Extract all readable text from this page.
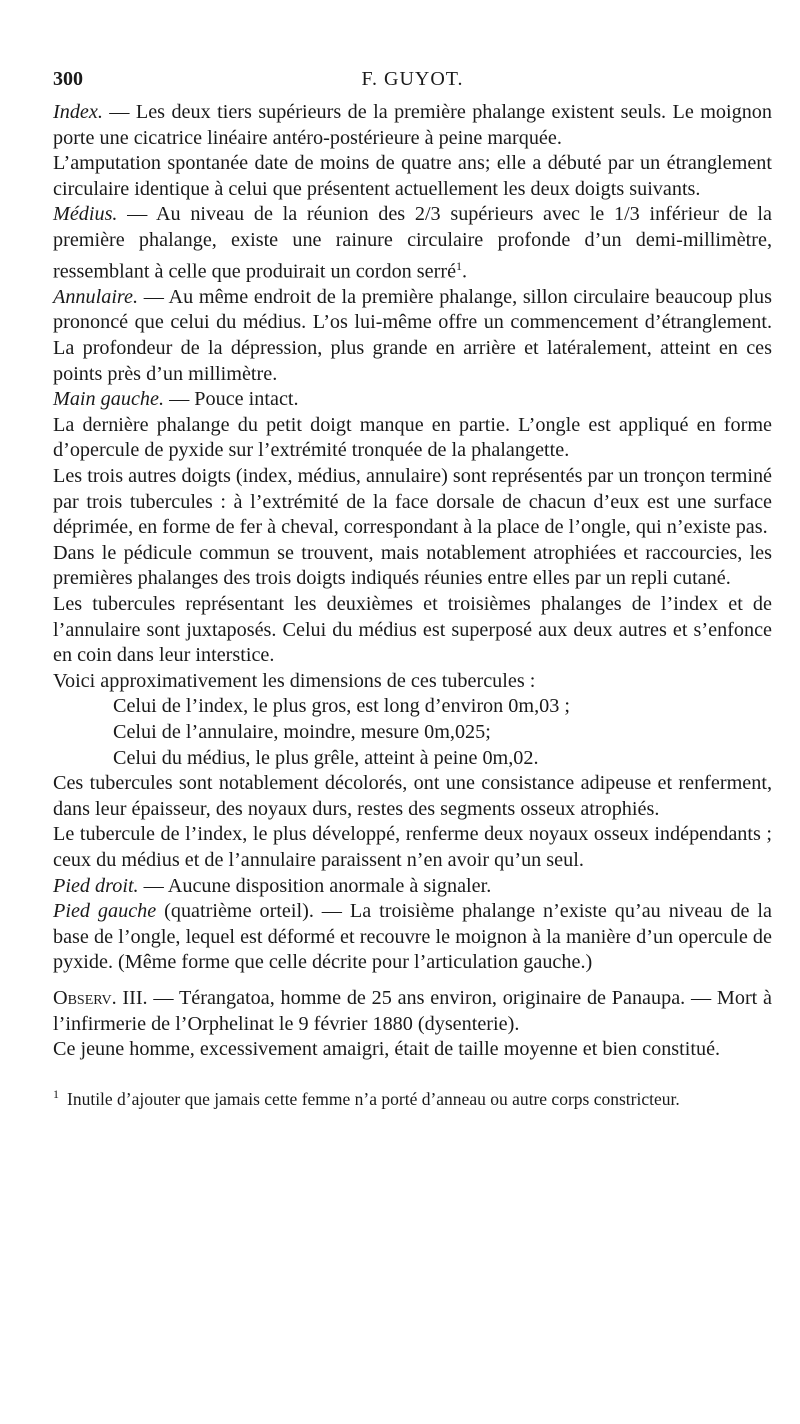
300	F. GUYOT.

Index. — Les deux tiers supérieurs de la première phalange existent seuls. Le moignon porte une cicatrice linéaire antéro-postérieure à peine marquée.

L’amputation spontanée date de moins de quatre ans; elle a débuté par un étranglement circulaire identique à celui que présentent actuellement les deux doigts suivants.

Médius. — Au niveau de la réunion des 2/3 supérieurs avec le 1/3 inférieur de la première phalange, existe une rainure circulaire profonde d’un demi-millimètre, ressemblant à celle que produirait un cordon serré$^1$.

Annulaire. — Au même endroit de la première phalange, sillon circulaire beaucoup plus prononcé que celui du médius. L’os lui-même offre un commencement d’étranglement. La profondeur de la dépression, plus grande en arrière et latéralement, atteint en ces points près d’un millimètre.

Main gauche. — Pouce intact.

La dernière phalange du petit doigt manque en partie. L’ongle est appliqué en forme d’opercule de pyxide sur l’extrémité tronquée de la phalangette.

Les trois autres doigts (index, médius, annulaire) sont représentés par un tronçon terminé par trois tubercules : à l’extrémité de la face dorsale de chacun d’eux est une surface déprimée, en forme de fer à cheval, correspondant à la place de l’ongle, qui n’existe pas.

Dans le pédicule commun se trouvent, mais notablement atrophiées et raccourcies, les premières phalanges des trois doigts indiqués réunies entre elles par un repli cutané.

Les tubercules représentant les deuxièmes et troisièmes phalanges de l’index et de l’annulaire sont juxtaposés. Celui du médius est superposé aux deux autres et s’enfonce en coin dans leur interstice.

Voici approximativement les dimensions de ces tubercules :

Celui de l’index, le plus gros, est long d’environ 0m,03 ;

Celui de l’annulaire, moindre, mesure 0m,025;

Celui du médius, le plus grêle, atteint à peine 0m,02.

Ces tubercules sont notablement décolorés, ont une consistance adipeuse et renferment, dans leur épaisseur, des noyaux durs, restes des segments osseux atrophiés.

Le tubercule de l’index, le plus développé, renferme deux noyaux osseux indépendants ; ceux du médius et de l’annulaire paraissent n’en avoir qu’un seul.

Pied droit. — Aucune disposition anormale à signaler.

Pied gauche (quatrième orteil). — La troisième phalange n’existe qu’au niveau de la base de l’ongle, lequel est déformé et recouvre le moignon à la manière d’un opercule de pyxide. (Même forme que celle décrite pour l’articulation gauche.)

Observ. III. — Térangatoa, homme de 25 ans environ, originaire de Panaupa. — Mort à l’infirmerie de l’Orphelinat le 9 février 1880 (dysenterie).

Ce jeune homme, excessivement amaigri, était de taille moyenne et bien constitué.

$^1$ Inutile d’ajouter que jamais cette femme n’a porté d’anneau ou autre corps constricteur.
